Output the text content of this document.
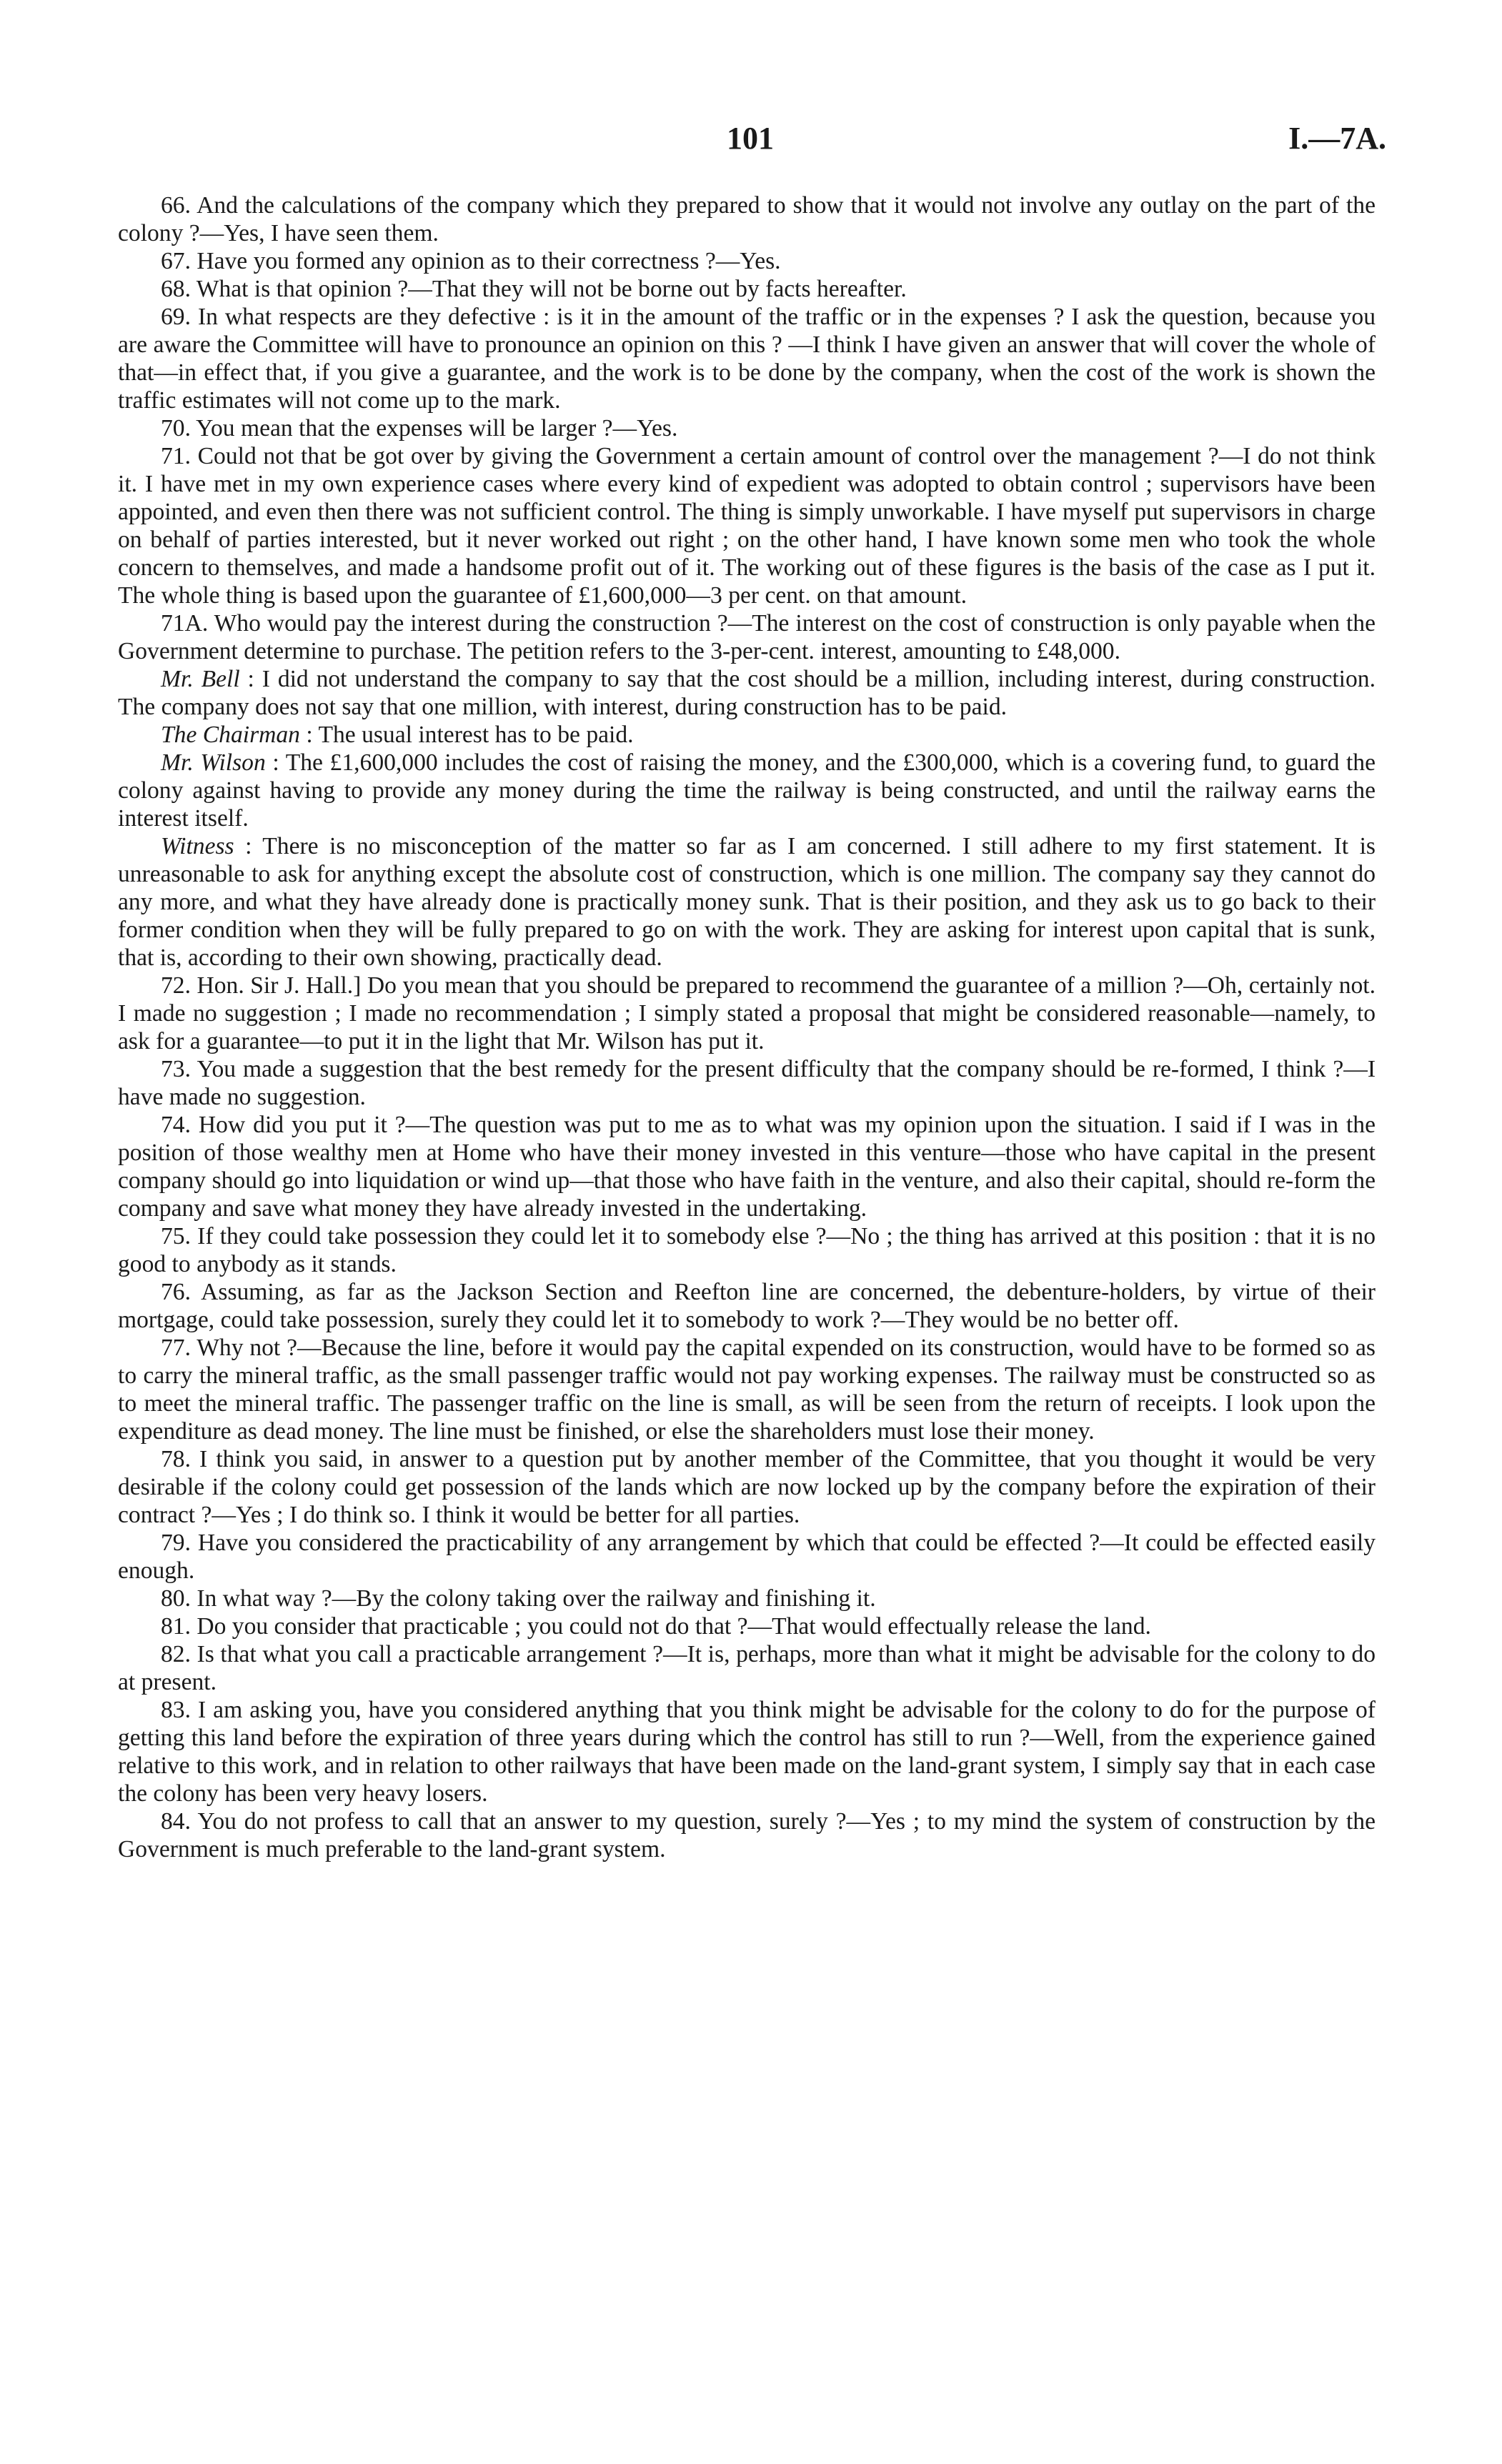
101	I.—7A.

66. And the calculations of the company which they prepared to show that it would not involve any outlay on the part of the colony ?—Yes, I have seen them.

67. Have you formed any opinion as to their correctness ?—Yes.

68. What is that opinion ?—That they will not be borne out by facts hereafter.

69. In what respects are they defective : is it in the amount of the traffic or in the expenses ? I ask the question, because you are aware the Committee will have to pronounce an opinion on this ? —I think I have given an answer that will cover the whole of that—in effect that, if you give a guarantee, and the work is to be done by the company, when the cost of the work is shown the traffic estimates will not come up to the mark.

70. You mean that the expenses will be larger ?—Yes.

71. Could not that be got over by giving the Government a certain amount of control over the management ?—I do not think it. I have met in my own experience cases where every kind of expedient was adopted to obtain control ; supervisors have been appointed, and even then there was not sufficient control. The thing is simply unworkable. I have myself put supervisors in charge on behalf of parties interested, but it never worked out right ; on the other hand, I have known some men who took the whole concern to themselves, and made a handsome profit out of it. The working out of these figures is the basis of the case as I put it. The whole thing is based upon the guarantee of £1,600,000—3 per cent. on that amount.

71A. Who would pay the interest during the construction ?—The interest on the cost of construction is only payable when the Government determine to purchase. The petition refers to the 3-per-cent. interest, amounting to £48,000.

Mr. Bell : I did not understand the company to say that the cost should be a million, including interest, during construction. The company does not say that one million, with interest, during construction has to be paid.

The Chairman : The usual interest has to be paid.

Mr. Wilson : The £1,600,000 includes the cost of raising the money, and the £300,000, which is a covering fund, to guard the colony against having to provide any money during the time the railway is being constructed, and until the railway earns the interest itself.

Witness : There is no misconception of the matter so far as I am concerned. I still adhere to my first statement. It is unreasonable to ask for anything except the absolute cost of construction, which is one million. The company say they cannot do any more, and what they have already done is practically money sunk. That is their position, and they ask us to go back to their former condition when they will be fully prepared to go on with the work. They are asking for interest upon capital that is sunk, that is, according to their own showing, practically dead.

72. Hon. Sir J. Hall.] Do you mean that you should be prepared to recommend the guarantee of a million ?—Oh, certainly not. I made no suggestion ; I made no recommendation ; I simply stated a proposal that might be considered reasonable—namely, to ask for a guarantee—to put it in the light that Mr. Wilson has put it.

73. You made a suggestion that the best remedy for the present difficulty that the company should be re-formed, I think ?—I have made no suggestion.

74. How did you put it ?—The question was put to me as to what was my opinion upon the situation. I said if I was in the position of those wealthy men at Home who have their money invested in this venture—those who have capital in the present company should go into liquidation or wind up—that those who have faith in the venture, and also their capital, should re-form the company and save what money they have already invested in the undertaking.

75. If they could take possession they could let it to somebody else ?—No ; the thing has arrived at this position : that it is no good to anybody as it stands.

76. Assuming, as far as the Jackson Section and Reefton line are concerned, the debenture-holders, by virtue of their mortgage, could take possession, surely they could let it to somebody to work ?—They would be no better off.

77. Why not ?—Because the line, before it would pay the capital expended on its construction, would have to be formed so as to carry the mineral traffic, as the small passenger traffic would not pay working expenses. The railway must be constructed so as to meet the mineral traffic. The passenger traffic on the line is small, as will be seen from the return of receipts. I look upon the expenditure as dead money. The line must be finished, or else the shareholders must lose their money.

78. I think you said, in answer to a question put by another member of the Committee, that you thought it would be very desirable if the colony could get possession of the lands which are now locked up by the company before the expiration of their contract ?—Yes ; I do think so. I think it would be better for all parties.

79. Have you considered the practicability of any arrangement by which that could be effected ?—It could be effected easily enough.

80. In what way ?—By the colony taking over the railway and finishing it.

81. Do you consider that practicable ; you could not do that ?—That would effectually release the land.

82. Is that what you call a practicable arrangement ?—It is, perhaps, more than what it might be advisable for the colony to do at present.

83. I am asking you, have you considered anything that you think might be advisable for the colony to do for the purpose of getting this land before the expiration of three years during which the control has still to run ?—Well, from the experience gained relative to this work, and in relation to other railways that have been made on the land-grant system, I simply say that in each case the colony has been very heavy losers.

84. You do not profess to call that an answer to my question, surely ?—Yes ; to my mind the system of construction by the Government is much preferable to the land-grant system.
